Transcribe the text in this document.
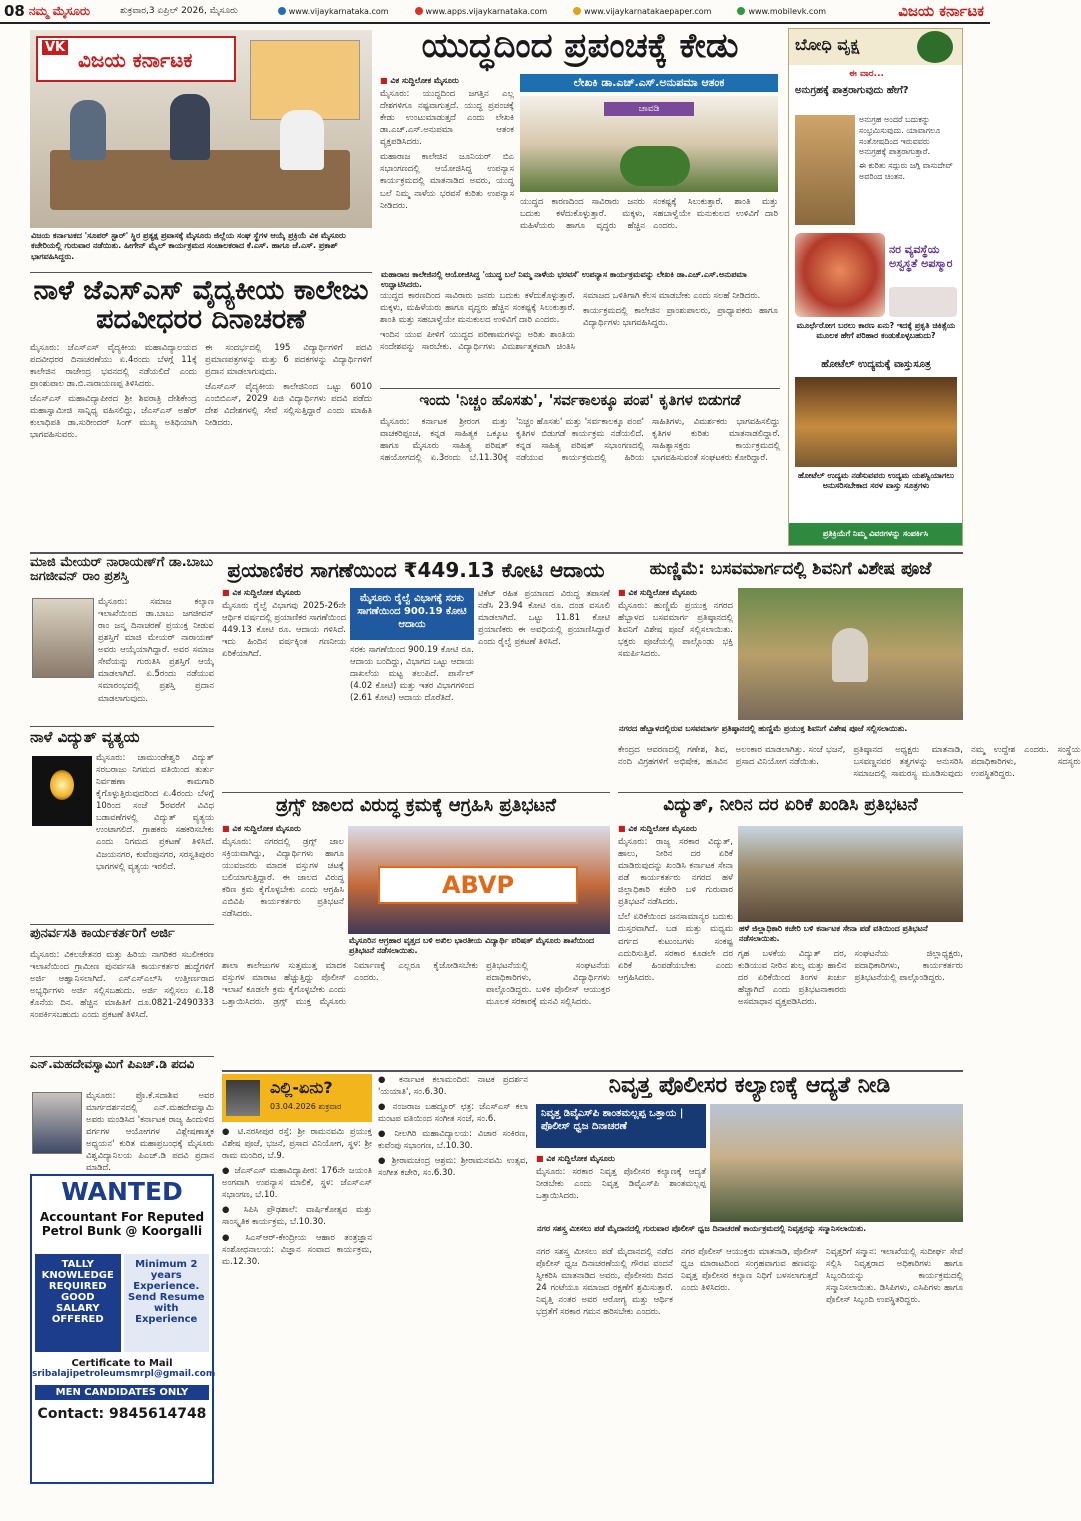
08 ನಮ್ಮ ಮೈಸೂರು	ಶುಕ್ರವಾರ,3 ಏಪ್ರಿಲ್ 2026, ಮೈಸೂರು	www.vijaykarnataka.com	www.apps.vijaykarnataka.com	www.vijaykarnatakaepaper.com	www.mobilevk.com	ವಿಜಯ ಕರ್ನಾಟಕ
VK
ವಿಜಯ ಕರ್ನಾಟಕ
ವಿಜಯ ಕರ್ನಾಟಕದ 'ಸೂಪರ್ ಸ್ಟಾರ್' ಸ್ಥಿರ ಪ್ರತ್ಯಕ್ಷ ಪ್ರವಾಸಕ್ಕೆ ಮೈಸೂರು ಜಿಲ್ಲೆಯ ಸಂಘ ಸ್ಥೆಗಳ ಆಯ್ಕೆ ಪ್ರಕ್ರಿಯೆ ವಿಕ ಮೈಸೂರು ಕಚೇರಿಯಲ್ಲಿ ಗುರುವಾರ ನಡೆಯಿತು. ಹೀಗೇನ್ ಮೈಲ್ ಕಾರ್ಯಕ್ರಮದ ಸಂಚಾಲಕರಾದ ಕೆ.ಎಸ್. ಹಾಗೂ ಜೆ.ಎಸ್. ಪ್ರಕಾಶ್ ಭಾಗವಹಿಸಿದ್ದರು.
ಯುದ್ಧದಿಂದ ಪ್ರಪಂಚಕ್ಕೆ ಕೇಡು
■ ವಿಕ ಸುದ್ದಿಲೋಕ ಮೈಸೂರು	ಲೇಖಕಿ ಡಾ.ಎಚ್.ಎಸ್.ಅನುಪಮಾ ಆತಂಕ

ಮೈಸೂರು: ಯುದ್ಧದಿಂದ ಜಗತ್ತಿನ ಎಲ್ಲ ದೇಶಗಳಿಗೂ ನಷ್ಟವಾಗುತ್ತದೆ. ಯುದ್ಧ ಪ್ರಪಂಚಕ್ಕೆ ಕೇಡು ಉಂಟುಮಾಡುತ್ತದೆ ಎಂದು ಲೇಖಕಿ ಡಾ.ಎಚ್.ಎಸ್.ಅನುಪಮಾ ಆತಂಕ ವ್ಯಕ್ತಪಡಿಸಿದರು.

ಮಹಾರಾಜ ಕಾಲೇಜಿನ ಜೂನಿಯರ್ ಬಿಎ ಸಭಾಂಗಣದಲ್ಲಿ ಆಯೋಜಿಸಿದ್ದ ಉಪನ್ಯಾಸ ಕಾರ್ಯಕ್ರಮದಲ್ಲಿ ಮಾತನಾಡಿದ ಅವರು, ಯುದ್ಧ ಬಲೆ ನಿಮ್ಮ ನಾಳೆಯ ಭರವಸೆ ಕುರಿತು ಉಪನ್ಯಾಸ ನೀಡಿದರು.

ಚಾವಡಿ
ಮಹಾರಾಜ ಕಾಲೇಜಿನಲ್ಲಿ ಆಯೋಜಿಸಿದ್ದ 'ಯುದ್ಧ ಬಲೆ ನಿಮ್ಮ ನಾಳೆಯ ಭರವಸೆ' ಉಪನ್ಯಾಸ ಕಾರ್ಯಕ್ರಮವನ್ನು ಲೇಖಕಿ ಡಾ.ಎಚ್.ಎಸ್.ಅನುಪಮಾ ಉದ್ಘಾಟಿಸಿದರು.

ಯುದ್ಧದ ಕಾರಣದಿಂದ ಸಾವಿರಾರು ಜನರು ಬದುಕು ಕಳೆದುಕೊಳ್ಳುತ್ತಾರೆ. ಮಕ್ಕಳು, ಮಹಿಳೆಯರು ಹಾಗೂ ವೃದ್ಧರು ಹೆಚ್ಚಿನ ಸಂಕಷ್ಟಕ್ಕೆ ಸಿಲುಕುತ್ತಾರೆ. ಶಾಂತಿ ಮತ್ತು ಸಹಬಾಳ್ವೆಯೇ ಮನುಕುಲದ ಉಳಿವಿಗೆ ದಾರಿ ಎಂದರು.

ಇಂದಿನ ಯುವ ಪೀಳಿಗೆ ಯುದ್ಧದ ಪರಿಣಾಮಗಳನ್ನು ಅರಿತು ಶಾಂತಿಯ ಸಂದೇಶವನ್ನು ಸಾರಬೇಕು. ವಿದ್ಯಾರ್ಥಿಗಳು ವಿಮರ್ಶಾತ್ಮಕವಾಗಿ ಚಿಂತಿಸಿ ಸಮಾಜದ ಒಳಿತಿಗಾಗಿ ಕೆಲಸ ಮಾಡಬೇಕು ಎಂದು ಸಲಹೆ ನೀಡಿದರು.

ಕಾರ್ಯಕ್ರಮದಲ್ಲಿ ಕಾಲೇಜಿನ ಪ್ರಾಂಶುಪಾಲರು, ಪ್ರಾಧ್ಯಾಪಕರು ಹಾಗೂ ವಿದ್ಯಾರ್ಥಿಗಳು ಭಾಗವಹಿಸಿದ್ದರು.

ಯುದ್ಧದ ಕಾರಣದಿಂದ ಸಾವಿರಾರು ಜನರು ಬದುಕು ಕಳೆದುಕೊಳ್ಳುತ್ತಾರೆ. ಮಕ್ಕಳು, ಮಹಿಳೆಯರು ಹಾಗೂ ವೃದ್ಧರು ಹೆಚ್ಚಿನ ಸಂಕಷ್ಟಕ್ಕೆ ಸಿಲುಕುತ್ತಾರೆ. ಶಾಂತಿ ಮತ್ತು ಸಹಬಾಳ್ವೆಯೇ ಮನುಕುಲದ ಉಳಿವಿಗೆ ದಾರಿ ಎಂದರು.

ಬೋಧಿ ವೃಕ್ಷ
ಈ ವಾರ...
ಅನುಗ್ರಹಕ್ಕೆ ಪಾತ್ರರಾಗುವುದು ಹೇಗೆ?
ಅನುಗ್ರಹ ಅಂದರೆ ಬದುಕನ್ನು ಸಂಭ್ರಮಿಸುವುದು. ಯಾವಾಗಲೂ ಸಂತೋಷದಿಂದ ಇರುವವರು ಅನುಗ್ರಹಕ್ಕೆ ಪಾತ್ರರಾಗುತ್ತಾರೆ.
ಈ ಕುರಿತು ಸದ್ಗುರು ಜಗ್ಗಿ ವಾಸುದೇವ್ ಅವರಿಂದ ಚಿಂತನ.
ನರ ವ್ಯವಸ್ಥೆಯ ಅಸ್ವಸ್ಥತೆ ಅಪಸ್ಮಾರ
ಮೂರ್ಛೆರೋಗ ಬರಲು ಕಾರಣ ಏನು? ಇದಕ್ಕೆ ಪ್ರಕೃತಿ ಚಿಕಿತ್ಸೆಯ ಮೂಲಕ ಹೇಗೆ ಪರಿಹಾರ ಕಂಡುಕೊಳ್ಳಬಹುದು?
ಹೋಟೆಲ್ ಉದ್ಯಮಕ್ಕೆ ವಾಸ್ತುಸೂತ್ರ
ಹೋಟೆಲ್ ಉದ್ಯಮ ನಡೆಸುವವರು ಉದ್ಯಮ ಯಶಸ್ವಿಯಾಗಲು ಅನುಸರಿಸಬೇಕಾದ ಸರಳ ವಾಸ್ತು ಸೂತ್ರಗಳು
ಪ್ರತಿಕ್ರಿಯೆಗೆ ನಿಮ್ಮ ವಿವರಗಳನ್ನು ಸಂಪರ್ಕಿಸಿ
ನಾಳೆ ಜೆಎಸ್‌ಎಸ್ ವೈದ್ಯಕೀಯ ಕಾಲೇಜು ಪದವೀಧರರ ದಿನಾಚರಣೆ

ಮೈಸೂರು: ಜೆಎಸ್‌ಎಸ್ ವೈದ್ಯಕೀಯ ಮಹಾವಿದ್ಯಾಲಯದ ಪದವೀಧರರ ದಿನಾಚರಣೆಯು ಏ.4ರಂದು ಬೆಳಗ್ಗೆ 11ಕ್ಕೆ ಕಾಲೇಜಿನ ರಾಜೇಂದ್ರ ಭವನದಲ್ಲಿ ನಡೆಯಲಿದೆ ಎಂದು ಪ್ರಾಂಶುಪಾಲ ಡಾ.ಬಿ.ನಾರಾಯಣಪ್ಪ ತಿಳಿಸಿದರು.

ಜೆಎಸ್‌ಎಸ್ ಮಹಾವಿದ್ಯಾಪೀಠದ ಶ್ರೀ ಶಿವರಾತ್ರಿ ದೇಶಿಕೇಂದ್ರ ಮಹಾಸ್ವಾಮೀಜಿ ಸಾನ್ನಿಧ್ಯ ವಹಿಸಲಿದ್ದು, ಜೆಎಸ್‌ಎಸ್ ಅಹೆರ್ ಕುಲಾಧಿಪತಿ ಡಾ.ಸುರೀಂದರ್ ಸಿಂಗ್ ಮುಖ್ಯ ಅತಿಥಿಯಾಗಿ ಭಾಗವಹಿಸುವರು.

ಈ ಸಂದರ್ಭದಲ್ಲಿ 195 ವಿದ್ಯಾರ್ಥಿಗಳಿಗೆ ಪದವಿ ಪ್ರಮಾಣಪತ್ರಗಳನ್ನು ಮತ್ತು 6 ಪದಕಗಳನ್ನು ವಿದ್ಯಾರ್ಥಿಗಳಿಗೆ ಪ್ರದಾನ ಮಾಡಲಾಗುವುದು.

ಜೆಎಸ್‌ಎಸ್ ವೈದ್ಯಕೀಯ ಕಾಲೇಜಿನಿಂದ ಒಟ್ಟು 6010 ಎಂಬಿಬಿಎಸ್, 2029 ಪಿಜಿ ವಿದ್ಯಾರ್ಥಿಗಳು ಪದವಿ ಪಡೆದು ದೇಶ ವಿದೇಶಗಳಲ್ಲಿ ಸೇವೆ ಸಲ್ಲಿಸುತ್ತಿದ್ದಾರೆ ಎಂದು ಮಾಹಿತಿ ನೀಡಿದರು.

ಇಂದು 'ನಿಚ್ಚಂ ಹೊಸತು', 'ಸರ್ವಕಾಲಕ್ಕೂ ಪಂಪ' ಕೃತಿಗಳ ಬಿಡುಗಡೆ
ಮೈಸೂರು: ಕರ್ನಾಟಕ ಶ್ರೀರಂಗ ಮತ್ತು ವಾಚಕರಿಪ್ಪಂಚ, ಕನ್ನಡ ಸಾಹಿತ್ಯಕ ಒಕ್ಕೂಟ ಹಾಗೂ ಮೈಸೂರು ಸಾಹಿತ್ಯ ಪರಿಷತ್ ಸಹಯೋಗದಲ್ಲಿ ಏ.3ರಂದು ಬೆ.11.30ಕ್ಕೆ 'ನಿಚ್ಚಂ ಹೊಸತು' ಮತ್ತು 'ಸರ್ವಕಾಲಕ್ಕೂ ಪಂಪ' ಕೃತಿಗಳ ಬಿಡುಗಡೆ ಕಾರ್ಯಕ್ರಮ ನಡೆಯಲಿದೆ. ಕನ್ನಡ ಸಾಹಿತ್ಯ ಪರಿಷತ್ ಸಭಾಂಗಣದಲ್ಲಿ ನಡೆಯುವ ಕಾರ್ಯಕ್ರಮದಲ್ಲಿ ಹಿರಿಯ ಸಾಹಿತಿಗಳು, ವಿಮರ್ಶಕರು ಭಾಗವಹಿಸಲಿದ್ದು ಕೃತಿಗಳ ಕುರಿತು ಮಾತನಾಡಲಿದ್ದಾರೆ. ಸಾಹಿತ್ಯಾಸಕ್ತರು ಕಾರ್ಯಕ್ರಮದಲ್ಲಿ ಭಾಗವಹಿಸುವಂತೆ ಸಂಘಟಕರು ಕೋರಿದ್ದಾರೆ.
ಮಾಜಿ ಮೇಯರ್ ನಾರಾಯಣ್‌ಗೆ ಡಾ.ಬಾಬು ಜಗಜೀವನ್ ರಾಂ ಪ್ರಶಸ್ತಿ
ಮೈಸೂರು: ಸಮಾಜ ಕಲ್ಯಾಣ ಇಲಾಖೆಯಿಂದ ಡಾ.ಬಾಬು ಜಗಜೀವನ್ ರಾಂ ಜನ್ಮ ದಿನಾಚರಣೆ ಪ್ರಯುಕ್ತ ನೀಡುವ ಪ್ರಶಸ್ತಿಗೆ ಮಾಜಿ ಮೇಯರ್ ನಾರಾಯಣ್ ಅವರು ಆಯ್ಕೆಯಾಗಿದ್ದಾರೆ. ಅವರ ಸಮಾಜ ಸೇವೆಯನ್ನು ಗುರುತಿಸಿ ಪ್ರಶಸ್ತಿಗೆ ಆಯ್ಕೆ ಮಾಡಲಾಗಿದೆ. ಏ.5ರಂದು ನಡೆಯುವ ಸಮಾರಂಭದಲ್ಲಿ ಪ್ರಶಸ್ತಿ ಪ್ರದಾನ ಮಾಡಲಾಗುವುದು.
ನಾಳೆ ವಿದ್ಯುತ್ ವ್ಯತ್ಯಯ
ಮೈಸೂರು: ಚಾಮುಂಡೇಶ್ವರಿ ವಿದ್ಯುತ್ ಸರಬರಾಜು ನಿಗಮದ ವತಿಯಿಂದ ತುರ್ತು ನಿರ್ವಹಣಾ ಕಾಮಗಾರಿ ಕೈಗೊಳ್ಳುತ್ತಿರುವುದರಿಂದ ಏ.4ರಂದು ಬೆಳಗ್ಗೆ 10ರಿಂದ ಸಂಜೆ 5ರವರೆಗೆ ವಿವಿಧ ಬಡಾವಣೆಗಳಲ್ಲಿ ವಿದ್ಯುತ್ ವ್ಯತ್ಯಯ ಉಂಟಾಗಲಿದೆ. ಗ್ರಾಹಕರು ಸಹಕರಿಸಬೇಕು ಎಂದು ನಿಗಮದ ಪ್ರಕಟಣೆ ತಿಳಿಸಿದೆ. ವಿಜಯನಗರ, ಕುವೆಂಪುನಗರ, ಸರಸ್ವತಿಪುರಂ ಭಾಗಗಳಲ್ಲಿ ವ್ಯತ್ಯಯ ಇರಲಿದೆ.
ಪುನರ್ವಸತಿ ಕಾರ್ಯಕರ್ತರಿಗೆ ಅರ್ಜಿ
ಮೈಸೂರು: ವಿಕಲಚೇತನರ ಮತ್ತು ಹಿರಿಯ ನಾಗರಿಕರ ಸಬಲೀಕರಣ ಇಲಾಖೆಯಿಂದ ಗ್ರಾಮೀಣ ಪುನರ್ವಸತಿ ಕಾರ್ಯಕರ್ತರ ಹುದ್ದೆಗಳಿಗೆ ಅರ್ಜಿ ಆಹ್ವಾನಿಸಲಾಗಿದೆ. ಎಸ್‌ಎಸ್‌ಎಲ್‌ಸಿ ಉತ್ತೀರ್ಣರಾದ ಅಭ್ಯರ್ಥಿಗಳು ಅರ್ಜಿ ಸಲ್ಲಿಸಬಹುದು. ಅರ್ಜಿ ಸಲ್ಲಿಸಲು ಏ.18 ಕೊನೆಯ ದಿನ. ಹೆಚ್ಚಿನ ಮಾಹಿತಿಗೆ ದೂ.0821-2490333 ಸಂಪರ್ಕಿಸಬಹುದು ಎಂದು ಪ್ರಕಟಣೆ ತಿಳಿಸಿದೆ.
ಎನ್.ಮಹದೇವಸ್ವಾಮಿಗೆ ಪಿಎಚ್.ಡಿ ಪದವಿ
ಮೈಸೂರು: ಪ್ರೊ.ಕೆ.ಸದಾಶಿವ ಅವರ ಮಾರ್ಗದರ್ಶನದಲ್ಲಿ ಎನ್.ಮಹದೇವಸ್ವಾಮಿ ಅವರು ಮಂಡಿಸಿದ 'ಕರ್ನಾಟಕ ರಾಜ್ಯ ಹಿಂದುಳಿದ ವರ್ಗಗಳ ಆಯೋಗಗಳ ವಿಶ್ಲೇಷಣಾತ್ಮಕ ಅಧ್ಯಯನ' ಕುರಿತ ಮಹಾಪ್ರಬಂಧಕ್ಕೆ ಮೈಸೂರು ವಿಶ್ವವಿದ್ಯಾನಿಲಯ ಪಿಎಚ್.ಡಿ ಪದವಿ ಪ್ರದಾನ ಮಾಡಿದೆ.
WANTED
Accountant For Reputed Petrol Bunk @ Koorgalli
TALLY KNOWLEDGE REQUIRED GOOD SALARY OFFERED
Minimum 2 years Experience. Send Resume with Experience
Certificate to Mail
sribalajipetroleumsmrpl@gmail.com
MEN CANDIDATES ONLY
Contact: 9845614748
ಪ್ರಯಾಣಿಕರ ಸಾಗಣೆಯಿಂದ ₹449.13 ಕೋಟಿ ಆದಾಯ
■ ವಿಕ ಸುದ್ದಿಲೋಕ ಮೈಸೂರು
ಮೈಸೂರು ರೈಲ್ವೆ ವಿಭಾಗವು 2025-26ನೇ ಆರ್ಥಿಕ ವರ್ಷದಲ್ಲಿ ಪ್ರಯಾಣಿಕರ ಸಾಗಣೆಯಿಂದ 449.13 ಕೋಟಿ ರೂ. ಆದಾಯ ಗಳಿಸಿದೆ. ಇದು ಹಿಂದಿನ ವರ್ಷಕ್ಕಿಂತ ಗಣನೀಯ ಏರಿಕೆಯಾಗಿದೆ.
ಮೈಸೂರು ರೈಲ್ವೆ ವಿಭಾಗಕ್ಕೆ ಸರಕು ಸಾಗಣೆಯಿಂದ 900.19 ಕೋಟಿ ಆದಾಯ
ಸರಕು ಸಾಗಣೆಯಿಂದ 900.19 ಕೋಟಿ ರೂ. ಆದಾಯ ಬಂದಿದ್ದು, ವಿಭಾಗದ ಒಟ್ಟು ಆದಾಯ ದಾಖಲೆಯ ಮಟ್ಟ ತಲುಪಿದೆ. ಪಾರ್ಸೆಲ್ (4.02 ಕೋಟಿ) ಮತ್ತು ಇತರ ವಿಭಾಗಗಳಿಂದ (2.61 ಕೋಟಿ) ಆದಾಯ ದೊರೆತಿದೆ.
ಟಿಕೆಟ್ ರಹಿತ ಪ್ರಯಾಣದ ವಿರುದ್ಧ ತಪಾಸಣೆ ನಡೆಸಿ 23.94 ಕೋಟಿ ರೂ. ದಂಡ ವಸೂಲಿ ಮಾಡಲಾಗಿದೆ. ಒಟ್ಟು 11.81 ಕೋಟಿ ಪ್ರಯಾಣಿಕರು ಈ ಅವಧಿಯಲ್ಲಿ ಪ್ರಯಾಣಿಸಿದ್ದಾರೆ ಎಂದು ರೈಲ್ವೆ ಪ್ರಕಟಣೆ ತಿಳಿಸಿದೆ.
ಡ್ರಗ್ಸ್ ಜಾಲದ ವಿರುದ್ಧ ಕ್ರಮಕ್ಕೆ ಆಗ್ರಹಿಸಿ ಪ್ರತಿಭಟನೆ
■ ವಿಕ ಸುದ್ದಿಲೋಕ ಮೈಸೂರು
ಮೈಸೂರು: ನಗರದಲ್ಲಿ ಡ್ರಗ್ಸ್ ಜಾಲ ಸಕ್ರಿಯವಾಗಿದ್ದು, ವಿದ್ಯಾರ್ಥಿಗಳು ಹಾಗೂ ಯುವಜನರು ಮಾದಕ ವಸ್ತುಗಳ ಚಟಕ್ಕೆ ಬಲಿಯಾಗುತ್ತಿದ್ದಾರೆ. ಈ ಜಾಲದ ವಿರುದ್ಧ ಕಠಿಣ ಕ್ರಮ ಕೈಗೊಳ್ಳಬೇಕು ಎಂದು ಆಗ್ರಹಿಸಿ ಎಬಿವಿಪಿ ಕಾರ್ಯಕರ್ತರು ಪ್ರತಿಭಟನೆ ನಡೆಸಿದರು.
ABVP
ಮೈಸೂರಿನ ಆಗ್ರಹಾರ ವೃತ್ತದ ಬಳಿ ಅಖಿಲ ಭಾರತೀಯ ವಿದ್ಯಾರ್ಥಿ ಪರಿಷತ್ ಮೈಸೂರು ಶಾಖೆಯಿಂದ ಪ್ರತಿಭಟನೆ ನಡೆಸಲಾಯಿತು.

ಶಾಲಾ ಕಾಲೇಜುಗಳ ಸುತ್ತಮುತ್ತ ಮಾದಕ ವಸ್ತುಗಳ ಮಾರಾಟ ಹೆಚ್ಚುತ್ತಿದ್ದು ಪೊಲೀಸ್ ಇಲಾಖೆ ಕೂಡಲೇ ಕ್ರಮ ಕೈಗೊಳ್ಳಬೇಕು ಎಂದು ಒತ್ತಾಯಿಸಿದರು. ಡ್ರಗ್ಸ್ ಮುಕ್ತ ಮೈಸೂರು ನಿರ್ಮಾಣಕ್ಕೆ ಎಲ್ಲರೂ ಕೈಜೋಡಿಸಬೇಕು ಎಂದರು.

ಪ್ರತಿಭಟನೆಯಲ್ಲಿ ಸಂಘಟನೆಯ ಪದಾಧಿಕಾರಿಗಳು, ವಿದ್ಯಾರ್ಥಿಗಳು ಪಾಲ್ಗೊಂಡಿದ್ದರು. ಬಳಿಕ ಪೊಲೀಸ್ ಆಯುಕ್ತರ ಮೂಲಕ ಸರಕಾರಕ್ಕೆ ಮನವಿ ಸಲ್ಲಿಸಿದರು.

ಹುಣ್ಣಿಮೆ: ಬಸವಮಾರ್ಗದಲ್ಲಿ ಶಿವನಿಗೆ ವಿಶೇಷ ಪೂಜೆ
■ ವಿಕ ಸುದ್ದಿಲೋಕ ಮೈಸೂರು
ಮೈಸೂರು: ಹುಣ್ಣಿಮೆ ಪ್ರಯುಕ್ತ ನಗರದ ಹೆಬ್ಬಾಳದ ಬಸವಮಾರ್ಗ ಪ್ರತಿಷ್ಠಾನದಲ್ಲಿ ಶಿವನಿಗೆ ವಿಶೇಷ ಪೂಜೆ ಸಲ್ಲಿಸಲಾಯಿತು. ಭಕ್ತರು ಪೂಜೆಯಲ್ಲಿ ಪಾಲ್ಗೊಂಡು ಭಕ್ತಿ ಸಮರ್ಪಿಸಿದರು.
ನಗರದ ಹೆಬ್ಬಾಳದಲ್ಲಿರುವ ಬಸವಮಾರ್ಗ ಪ್ರತಿಷ್ಠಾನದಲ್ಲಿ ಹುಣ್ಣಿಮೆ ಪ್ರಯುಕ್ತ ಶಿವನಿಗೆ ವಿಶೇಷ ಪೂಜೆ ಸಲ್ಲಿಸಲಾಯಿತು.

ಕೇಂದ್ರದ ಆವರಣದಲ್ಲಿ ಗಣೇಶ, ಶಿವ, ನಂದಿ ವಿಗ್ರಹಗಳಿಗೆ ಅಭಿಷೇಕ, ಹೂವಿನ ಅಲಂಕಾರ ಮಾಡಲಾಗಿತ್ತು. ಸಂಜೆ ಭಜನೆ, ಪ್ರಸಾದ ವಿನಿಯೋಗ ನಡೆಯಿತು.

ಪ್ರತಿಷ್ಠಾನದ ಅಧ್ಯಕ್ಷರು ಮಾತನಾಡಿ, ಬಸವಣ್ಣನವರ ತತ್ವಗಳನ್ನು ಅನುಸರಿಸಿ ಸಮಾಜದಲ್ಲಿ ಸಾಮರಸ್ಯ ಮೂಡಿಸುವುದು ನಮ್ಮ ಉದ್ದೇಶ ಎಂದರು. ಸಂಸ್ಥೆಯ ಪದಾಧಿಕಾರಿಗಳು, ಸದಸ್ಯರು ಉಪಸ್ಥಿತರಿದ್ದರು.

ವಿದ್ಯುತ್, ನೀರಿನ ದರ ಏರಿಕೆ ಖಂಡಿಸಿ ಪ್ರತಿಭಟನೆ
■ ವಿಕ ಸುದ್ದಿಲೋಕ ಮೈಸೂರು

ಮೈಸೂರು: ರಾಜ್ಯ ಸರಕಾರ ವಿದ್ಯುತ್, ಹಾಲು, ನೀರಿನ ದರ ಏರಿಕೆ ಮಾಡಿರುವುದನ್ನು ಖಂಡಿಸಿ ಕರ್ನಾಟಕ ಸೇನಾ ಪಡೆ ಕಾರ್ಯಕರ್ತರು ನಗರದ ಹಳೆ ಜಿಲ್ಲಾಧಿಕಾರಿ ಕಚೇರಿ ಬಳಿ ಗುರುವಾರ ಪ್ರತಿಭಟನೆ ನಡೆಸಿದರು.

ಬೆಲೆ ಏರಿಕೆಯಿಂದ ಜನಸಾಮಾನ್ಯರ ಬದುಕು ದುಸ್ತರವಾಗಿದೆ. ಬಡ ಮತ್ತು ಮಧ್ಯಮ ವರ್ಗದ ಕುಟುಂಬಗಳು ಸಂಕಷ್ಟ ಎದುರಿಸುತ್ತಿವೆ. ಸರಕಾರ ಕೂಡಲೇ ದರ ಏರಿಕೆ ಹಿಂಪಡೆಯಬೇಕು ಎಂದು ಆಗ್ರಹಿಸಿದರು.

ಹಳೆ ಜಿಲ್ಲಾಧಿಕಾರಿ ಕಚೇರಿ ಬಳಿ ಕರ್ನಾಟಕ ಸೇನಾ ಪಡೆ ವತಿಯಿಂದ ಪ್ರತಿಭಟನೆ ನಡೆಸಲಾಯಿತು.

ಗೃಹ ಬಳಕೆಯ ವಿದ್ಯುತ್ ದರ, ಕುಡಿಯುವ ನೀರಿನ ಶುಲ್ಕ ಮತ್ತು ಹಾಲಿನ ದರ ಏರಿಕೆಯಿಂದ ತಿಂಗಳ ಖರ್ಚು ಹೆಚ್ಚಾಗಿದೆ ಎಂದು ಪ್ರತಿಭಟನಾಕಾರರು ಅಸಮಾಧಾನ ವ್ಯಕ್ತಪಡಿಸಿದರು.

ಸಂಘಟನೆಯ ಜಿಲ್ಲಾಧ್ಯಕ್ಷರು, ಪದಾಧಿಕಾರಿಗಳು, ಕಾರ್ಯಕರ್ತರು ಪ್ರತಿಭಟನೆಯಲ್ಲಿ ಪಾಲ್ಗೊಂಡಿದ್ದರು.

ಎಲ್ಲಿ-ಏನು?
03.04.2026 ಶುಕ್ರವಾರ

● ಟಿ.ನರಸೀಪುರ ರಸ್ತೆ: ಶ್ರೀ ರಾಮನವಮಿ ಪ್ರಯುಕ್ತ ವಿಶೇಷ ಪೂಜೆ, ಭಜನೆ, ಪ್ರಸಾದ ವಿನಿಯೋಗ, ಸ್ಥಳ: ಶ್ರೀ ರಾಮ ಮಂದಿರ, ಬೆ.9.

● ಜೆಎಸ್‌ಎಸ್ ಮಹಾವಿದ್ಯಾಪೀಠ: 176ನೇ ಜಯಂತಿ ಅಂಗವಾಗಿ ಉಪನ್ಯಾಸ ಮಾಲಿಕೆ, ಸ್ಥಳ: ಜೆಎಸ್‌ಎಸ್ ಸಭಾಂಗಣ, ಬೆ.10.

● ಸಿಪಿಸಿ ಪ್ರೌಢಶಾಲೆ: ವಾರ್ಷಿಕೋತ್ಸವ ಮತ್ತು ಸಾಂಸ್ಕೃತಿಕ ಕಾರ್ಯಕ್ರಮ, ಬೆ.10.30.

● ಸಿಎಸ್‌ಆರ್-ಕೇಂದ್ರೀಯ ಆಹಾರ ತಂತ್ರಜ್ಞಾನ ಸಂಶೋಧನಾಲಯ: ವಿಜ್ಞಾನ ಸಂವಾದ ಕಾರ್ಯಕ್ರಮ, ಮ.12.30.

● ಕರ್ನಾಟಕ ಕಲಾಮಂದಿರ: ನಾಟಕ ಪ್ರದರ್ಶನ 'ಯಯಾತಿ', ಸಂ.6.30.

● ನಂಜರಾಜ ಬಹದ್ದೂರ್ ಛತ್ರ: ಜೆಎಸ್‌ಎಸ್ ಕಲಾ ಮಂಟಪ ವತಿಯಿಂದ ಸಂಗೀತ ಸಂಜೆ, ಸಂ.6.

● ನೀಲಗಿರಿ ಮಹಾವಿದ್ಯಾಲಯ: ವಿಚಾರ ಸಂಕಿರಣ, ಕುವೆಂಪು ಸಭಾಂಗಣ, ಬೆ.10.30.

● ಶ್ರೀರಾಮಚಂದ್ರ ಆಶ್ರಮ: ಶ್ರೀರಾಮನವಮಿ ಉತ್ಸವ, ಸಂಗೀತ ಕಚೇರಿ, ಸಂ.6.30.

ನಿವೃತ್ತ ಪೊಲೀಸರ ಕಲ್ಯಾಣಕ್ಕೆ ಆದ್ಯತೆ ನೀಡಿ
ನಿವೃತ್ತ ಡಿವೈಎಸ್‌ಪಿ ಶಾಂತಮಲ್ಲಪ್ಪ ಒತ್ತಾಯ | ಪೊಲೀಸ್ ಧ್ವಜ ದಿನಾಚರಣೆ
■ ವಿಕ ಸುದ್ದಿಲೋಕ ಮೈಸೂರು
ಮೈಸೂರು: ಸರಕಾರ ನಿವೃತ್ತ ಪೊಲೀಸರ ಕಲ್ಯಾಣಕ್ಕೆ ಆದ್ಯತೆ ನೀಡಬೇಕು ಎಂದು ನಿವೃತ್ತ ಡಿವೈಎಸ್‌ಪಿ ಶಾಂತಮಲ್ಲಪ್ಪ ಒತ್ತಾಯಿಸಿದರು.
ನಗರ ಸಶಸ್ತ್ರ ಮೀಸಲು ಪಡೆ ಮೈದಾನದಲ್ಲಿ ಗುರುವಾರ ಪೊಲೀಸ್ ಧ್ವಜ ದಿನಾಚರಣೆ ಕಾರ್ಯಕ್ರಮದಲ್ಲಿ ನಿವೃತ್ತರನ್ನು ಸನ್ಮಾನಿಸಲಾಯಿತು.

ನಗರ ಸಶಸ್ತ್ರ ಮೀಸಲು ಪಡೆ ಮೈದಾನದಲ್ಲಿ ನಡೆದ ಪೊಲೀಸ್ ಧ್ವಜ ದಿನಾಚರಣೆಯಲ್ಲಿ ಗೌರವ ವಂದನೆ ಸ್ವೀಕರಿಸಿ ಮಾತನಾಡಿದ ಅವರು, ಪೊಲೀಸರು ದಿನದ 24 ಗಂಟೆಯೂ ಸಮಾಜದ ರಕ್ಷಣೆಗೆ ಶ್ರಮಿಸುತ್ತಾರೆ. ನಿವೃತ್ತಿ ನಂತರ ಅವರ ಆರೋಗ್ಯ ಮತ್ತು ಆರ್ಥಿಕ ಭದ್ರತೆಗೆ ಸರಕಾರ ಗಮನ ಹರಿಸಬೇಕು ಎಂದರು.

ನಗರ ಪೊಲೀಸ್ ಆಯುಕ್ತರು ಮಾತನಾಡಿ, ಪೊಲೀಸ್ ಧ್ವಜ ಮಾರಾಟದಿಂದ ಸಂಗ್ರಹವಾಗುವ ಹಣವನ್ನು ನಿವೃತ್ತ ಪೊಲೀಸರ ಕಲ್ಯಾಣ ನಿಧಿಗೆ ಬಳಸಲಾಗುತ್ತದೆ ಎಂದು ತಿಳಿಸಿದರು.

ನಿವೃತ್ತರಿಗೆ ಸನ್ಮಾನ: ಇಲಾಖೆಯಲ್ಲಿ ಸುದೀರ್ಘ ಸೇವೆ ಸಲ್ಲಿಸಿ ನಿವೃತ್ತರಾದ ಅಧಿಕಾರಿಗಳು ಹಾಗೂ ಸಿಬ್ಬಂದಿಯನ್ನು ಕಾರ್ಯಕ್ರಮದಲ್ಲಿ ಸನ್ಮಾನಿಸಲಾಯಿತು. ಡಿಸಿಪಿಗಳು, ಎಸಿಪಿಗಳು ಹಾಗೂ ಪೊಲೀಸ್ ಸಿಬ್ಬಂದಿ ಉಪಸ್ಥಿತರಿದ್ದರು.
